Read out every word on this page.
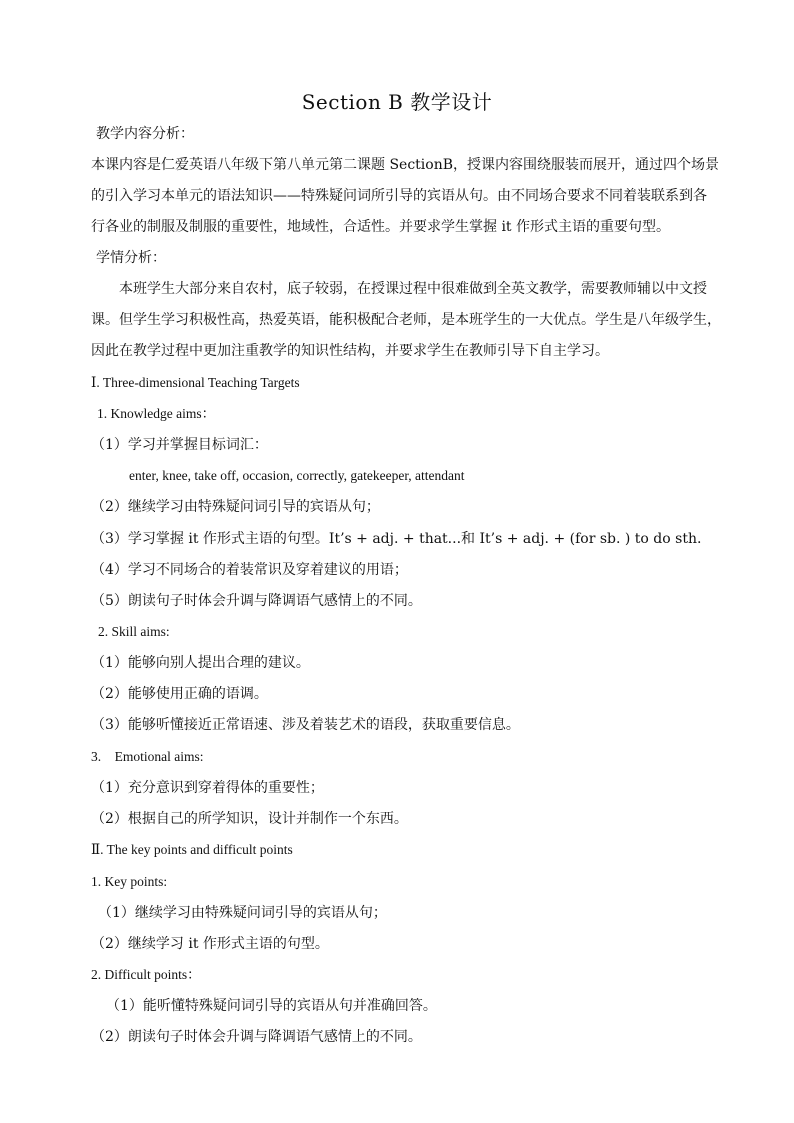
Section B 教学设计
教学内容分析：
本课内容是仁爱英语八年级下第八单元第二课题 SectionB，授课内容围绕服装而展开，通过四个场景
的引入学习本单元的语法知识——特殊疑问词所引导的宾语从句。由不同场合要求不同着装联系到各
行各业的制服及制服的重要性，地域性，合适性。并要求学生掌握 it 作形式主语的重要句型。
学情分析：
本班学生大部分来自农村，底子较弱，在授课过程中很难做到全英文教学，需要教师辅以中文授
课。但学生学习积极性高，热爱英语，能积极配合老师，是本班学生的一大优点。学生是八年级学生，
因此在教学过程中更加注重教学的知识性结构，并要求学生在教师引导下自主学习。
Ⅰ. Three-dimensional Teaching Targets
1. Knowledge aims：
（1）学习并掌握目标词汇：
enter, knee, take off, occasion, correctly, gatekeeper, attendant
（2）继续学习由特殊疑问词引导的宾语从句；
（3）学习掌握 it 作形式主语的句型。It’s + adj. + that...和 It’s + adj. + (for sb. ) to do sth.
（4）学习不同场合的着装常识及穿着建议的用语；
（5）朗读句子时体会升调与降调语气感情上的不同。
2. Skill aims:
（1）能够向别人提出合理的建议。
（2）能够使用正确的语调。
（3）能够听懂接近正常语速、涉及着装艺术的语段，获取重要信息。
3.    Emotional aims:
（1）充分意识到穿着得体的重要性；
（2）根据自己的所学知识，设计并制作一个东西。
Ⅱ. The key points and difficult points
1. Key points:
（1）继续学习由特殊疑问词引导的宾语从句；
（2）继续学习 it 作形式主语的句型。
2. Difficult points：
（1）能听懂特殊疑问词引导的宾语从句并准确回答。
（2）朗读句子时体会升调与降调语气感情上的不同。
